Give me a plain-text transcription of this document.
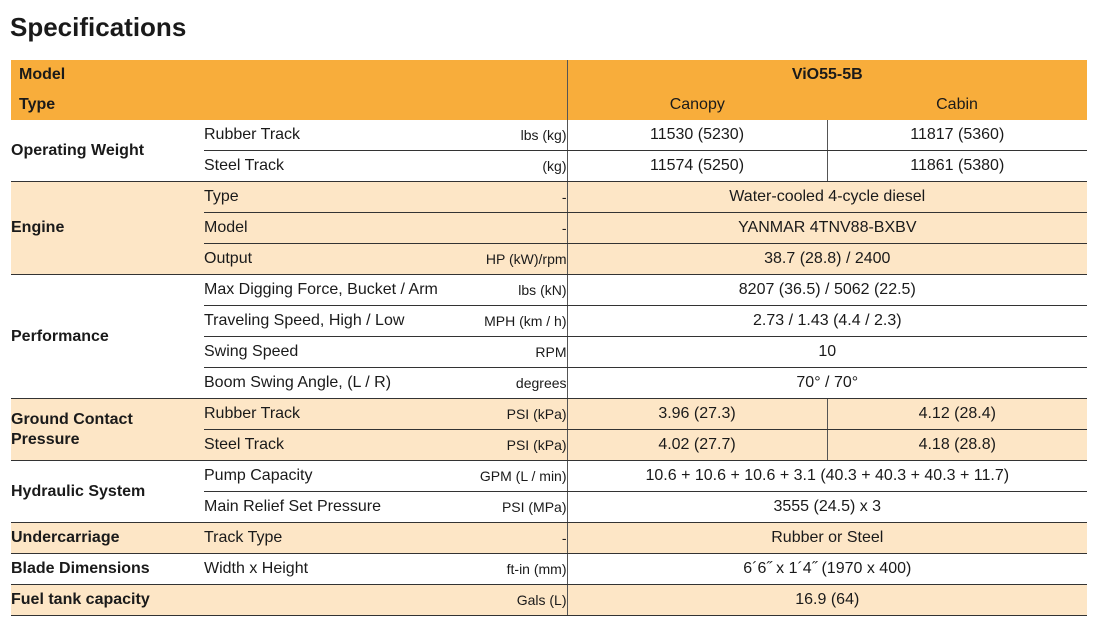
Specifications
Model			ViO55-5B	
Type			Canopy	Cabin
Operating Weight	Rubber Track	lbs (kg)	11530 (5230)	11817 (5360)
	Steel Track	(kg)	11574 (5250)	11861 (5380)
Engine	Type	-	Water-cooled 4-cycle diesel	
	Model	-	YANMAR 4TNV88-BXBV	
	Output	HP (kW)/rpm	38.7 (28.8) / 2400	
Performance	Max Digging Force, Bucket / Arm	lbs (kN)	8207 (36.5) / 5062 (22.5)	
	Traveling Speed, High / Low	MPH (km / h)	2.73 / 1.43 (4.4 / 2.3)	
	Swing Speed	RPM	10	
	Boom Swing Angle, (L / R)	degrees	70° / 70°	
Ground Contact Pressure	Rubber Track	PSI (kPa)	3.96 (27.3)	4.12 (28.4)
	Steel Track	PSI (kPa)	4.02 (27.7)	4.18 (28.8)
Hydraulic System	Pump Capacity	GPM (L / min)	10.6 + 10.6 + 10.6 + 3.1 (40.3 + 40.3 + 40.3 + 11.7)	
	Main Relief Set Pressure	PSI (MPa)	3555 (24.5) x 3	
Undercarriage	Track Type	-	Rubber or Steel	
Blade Dimensions	Width x Height	ft-in (mm)	6´6˝ x 1´4˝ (1970 x 400)	
Fuel tank capacity		Gals (L)	16.9 (64)	
